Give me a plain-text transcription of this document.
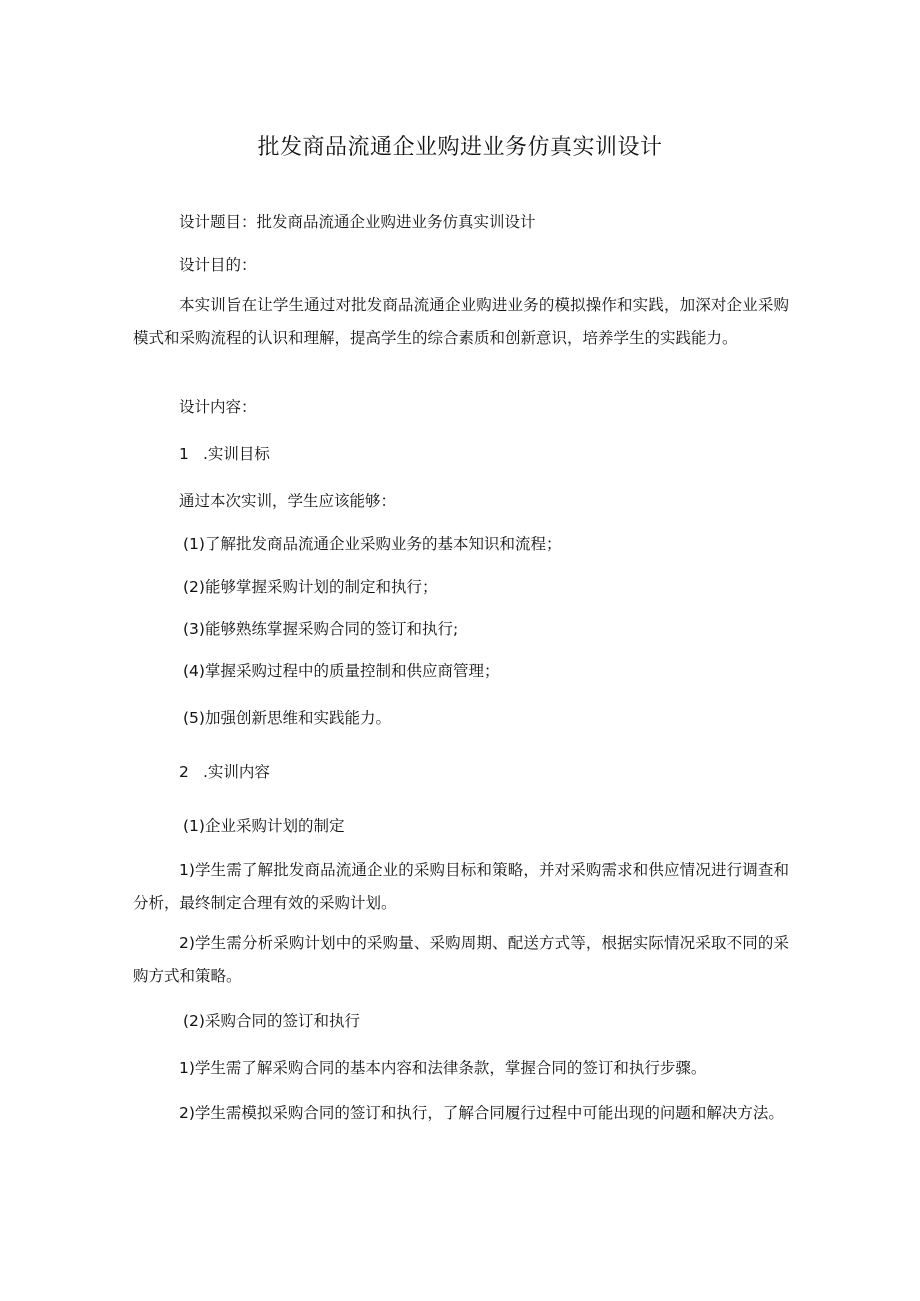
批发商品流通企业购进业务仿真实训设计
设计题目：批发商品流通企业购进业务仿真实训设计
设计目的：
本实训旨在让学生通过对批发商品流通企业购进业务的模拟操作和实践，加深对企业采购模式和采购流程的认识和理解，提高学生的综合素质和创新意识，培养学生的实践能力。
设计内容：
1 .实训目标
通过本次实训，学生应该能够：
(1)了解批发商品流通企业采购业务的基本知识和流程；
(2)能够掌握采购计划的制定和执行；
(3)能够熟练掌握采购合同的签订和执行;
(4)掌握采购过程中的质量控制和供应商管理；
(5)加强创新思维和实践能力。
2 .实训内容
(1)企业采购计划的制定
1)学生需了解批发商品流通企业的采购目标和策略，并对采购需求和供应情况进行调查和分析，最终制定合理有效的采购计划。
2)学生需分析采购计划中的采购量、采购周期、配送方式等，根据实际情况采取不同的采购方式和策略。
(2)采购合同的签订和执行
1)学生需了解采购合同的基本内容和法律条款，掌握合同的签订和执行步骤。
2)学生需模拟采购合同的签订和执行，了解合同履行过程中可能出现的问题和解决方法。
